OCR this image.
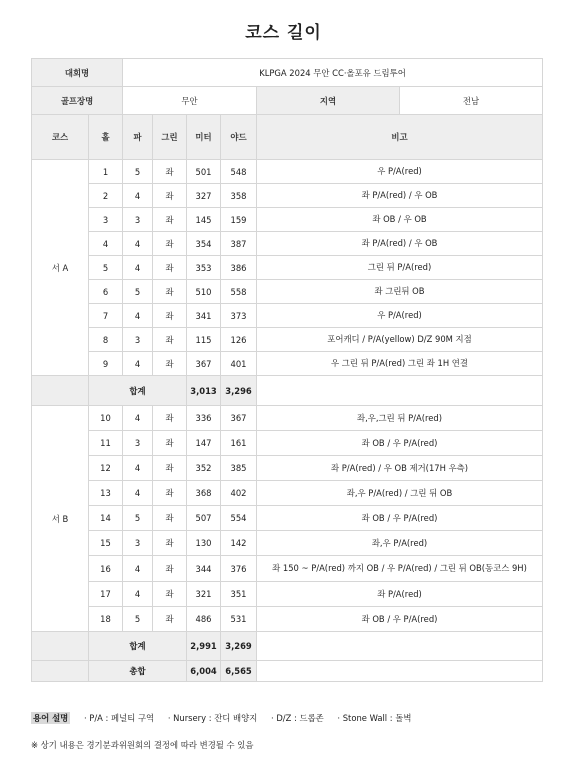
코스 길이
대회명		KLPGA 2024 무안 CC·올포유 드림투어					
골프장명		무안				지역	전남
코스	홀	파	그린	미터	야드	비고	
서 A	1	5	좌	501	548	우 P/A(red)	

	2	4	좌	327	358	좌 P/A(red) / 우 OB	

	3	3	좌	145	159	좌 OB / 우 OB	

	4	4	좌	354	387	좌 P/A(red) / 우 OB	

	5	4	좌	353	386	그린 뒤 P/A(red)	

	6	5	좌	510	558	좌 그린뒤 OB	

	7	4	좌	341	373	우 P/A(red)	

	8	3	좌	115	126	포어캐디 / P/A(yellow) D/Z 90M 지점	

	9	4	좌	367	401	우 그린 뒤 P/A(red) 그린 좌 1H 연결	

	합계			3,013	3,296		
서 B	10	4	좌	336	367	좌,우,그린 뒤 P/A(red)	

	11	3	좌	147	161	좌 OB / 우 P/A(red)	

	12	4	좌	352	385	좌 P/A(red) / 우 OB 제거(17H 우측)	

	13	4	좌	368	402	좌,우 P/A(red) / 그린 뒤 OB	

	14	5	좌	507	554	좌 OB / 우 P/A(red)	

	15	3	좌	130	142	좌,우 P/A(red)	

	16	4	좌	344	376	좌 150 ~ P/A(red) 까지 OB / 우 P/A(red) / 그린 뒤 OB(동코스 9H)	

	17	4	좌	321	351	좌 P/A(red)	

	18	5	좌	486	531	좌 OB / 우 P/A(red)	

	합계			2,991	3,269		
	총합			6,004	6,565		
용어 설명 · P/A : 페널티 구역 · Nursery : 잔디 배양지 · D/Z : 드롭존 · Stone Wall : 돌벽
※ 상기 내용은 경기분과위원회의 결정에 따라 변경될 수 있음
